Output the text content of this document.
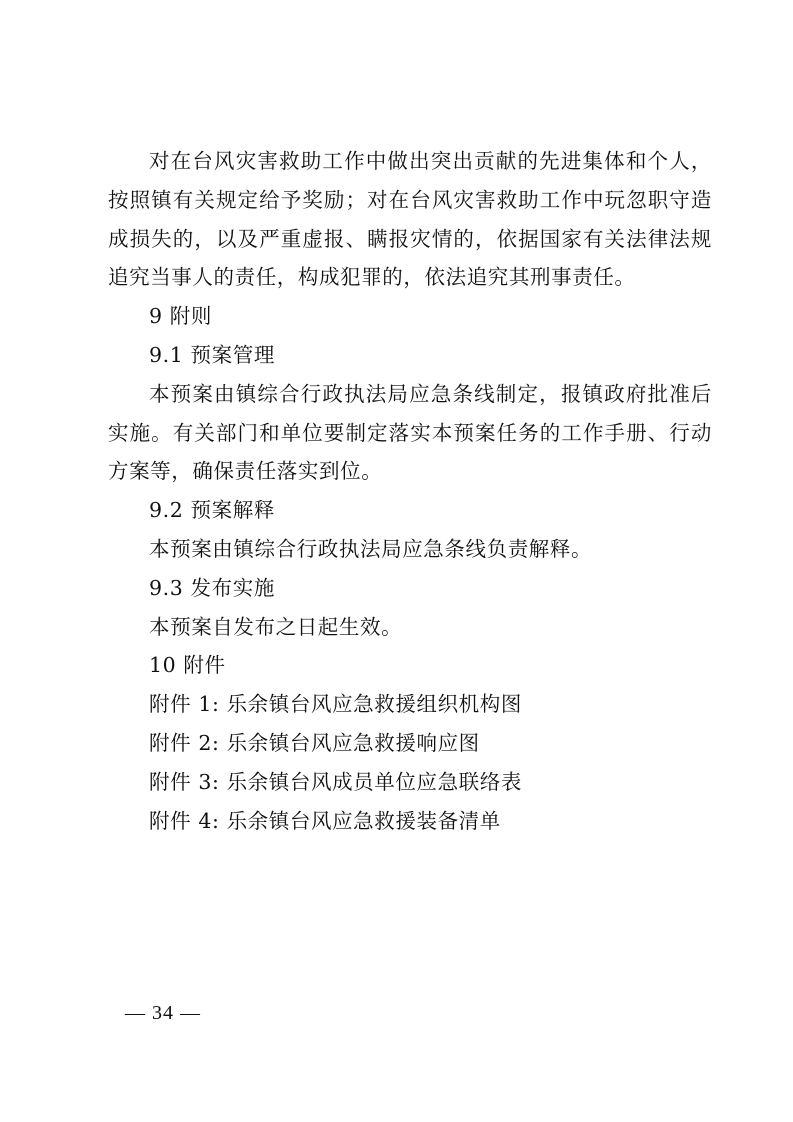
对在台风灾害救助工作中做出突出贡献的先进集体和个人，按照镇有关规定给予奖励；对在台风灾害救助工作中玩忽职守造成损失的，以及严重虚报、瞒报灾情的，依据国家有关法律法规追究当事人的责任，构成犯罪的，依法追究其刑事责任。

9 附则

9.1 预案管理

本预案由镇综合行政执法局应急条线制定，报镇政府批准后实施。有关部门和单位要制定落实本预案任务的工作手册、行动方案等，确保责任落实到位。

9.2 预案解释

本预案由镇综合行政执法局应急条线负责解释。

9.3 发布实施

本预案自发布之日起生效。

10 附件

附件 1: 乐余镇台风应急救援组织机构图

附件 2: 乐余镇台风应急救援响应图

附件 3: 乐余镇台风成员单位应急联络表

附件 4: 乐余镇台风应急救援装备清单

— 34 —
